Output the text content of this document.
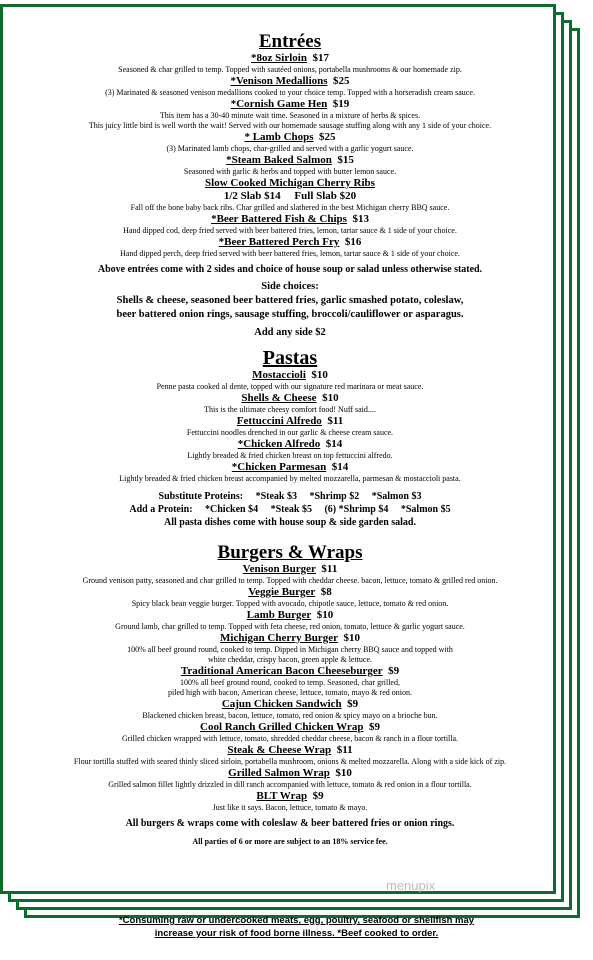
Entrées
*8oz Sirloin $17
Seasoned & char grilled to temp. Topped with sautéed onions, portabella mushrooms & our homemade zip.
*Venison Medallions $25
(3) Marinated & seasoned venison medallions cooked to your choice temp. Topped with a horseradish cream sauce.
*Cornish Game Hen $19
This item has a 30-40 minute wait time. Seasoned in a mixture of herbs & spices.
This juicy little bird is well worth the wait! Served with our homemade sausage stuffing along with any 1 side of your choice.
* Lamb Chops $25
(3) Marinated lamb chops, char-grilled and served with a garlic yogurt sauce.
*Steam Baked Salmon $15
Seasoned with garlic & herbs and topped with butter lemon sauce.
Slow Cooked Michigan Cherry Ribs
1/2 Slab $14     Full Slab $20
Fall off the bone baby back ribs. Char grilled and slathered in the best Michigan cherry BBQ sauce.
*Beer Battered Fish & Chips $13
Hand dipped cod, deep fried served with beer battered fries, lemon, tartar sauce & 1 side of your choice.
*Beer Battered Perch Fry $16
Hand dipped perch, deep fried served with beer battered fries, lemon, tartar sauce & 1 side of your choice.

Above entrées come with 2 sides and choice of house soup or salad unless otherwise stated.

Side choices:

Shells & cheese, seasoned beer battered fries, garlic smashed potato, coleslaw,

beer battered onion rings, sausage stuffing, broccoli/cauliflower or asparagus.

Add any side $2

Pastas
Mostaccioli $10
Penne pasta cooked al dente, topped with our signature red marinara or meat sauce.
Shells & Cheese $10
This is the ultimate cheesy comfort food! Nuff said....
Fettuccini Alfredo $11
Fettuccini noodles drenched in our garlic & cheese cream sauce.
*Chicken Alfredo $14
Lightly breaded & fried chicken breast on top fettuccini alfredo.
*Chicken Parmesan $14
Lightly breaded & fried chicken breast accompanied by melted mozzarella, parmesan & mostaccioli pasta.

Substitute Proteins:     *Steak $3     *Shrimp $2     *Salmon $3

Add a Protein:     *Chicken $4     *Steak $5     (6) *Shrimp $4     *Salmon $5

All pasta dishes come with house soup & side garden salad.

Burgers & Wraps
Venison Burger $11
Ground venison patty, seasoned and char grilled to temp. Topped with cheddar cheese. bacon, lettuce, tomato & grilled red onion.
Veggie Burger $8
Spicy black bean veggie burger. Topped with avocado, chipotle sauce, lettuce, tomato & red onion.
Lamb Burger $10
Ground lamb, char grilled to temp. Topped with feta cheese, red onion, tomato, lettuce & garlic yogurt sauce.
Michigan Cherry Burger $10
100% all beef ground round, cooked to temp. Dipped in Michigan cherry BBQ sauce and topped with
white cheddar, crispy bacon, green apple & lettuce.
Traditional American Bacon Cheeseburger $9
100% all beef ground round, cooked to temp. Seasoned, char grilled,
piled high with bacon, American cheese, lettuce, tomato, mayo & red onion.
Cajun Chicken Sandwich $9
Blackened chicken breast, bacon, lettuce, tomato, red onion & spicy mayo on a brioche bun.
Cool Ranch Grilled Chicken Wrap $9
Grilled chicken wrapped with lettuce, tomato, shredded cheddar cheese, bacon & ranch in a flour tortilla.
Steak & Cheese Wrap $11
Flour tortilla stuffed with seared thinly sliced sirloin, portabella mushroom, onions & melted mozzarella. Along with a side kick of zip.
Grilled Salmon Wrap $10
Grilled salmon fillet lightly drizzled in dill ranch accompanied with lettuce, tomato & red onion in a flour tortilla.
BLT Wrap $9
Just like it says. Bacon, lettuce, tomato & mayo.

All burgers & wraps come with coleslaw & beer battered fries or onion rings.

All parties of 6 or more are subject to an 18% service fee.

menupix

*Consuming raw or undercooked meats, egg, poultry, seafood or shellfish may

increase your risk of food borne illness. *Beef cooked to order.
